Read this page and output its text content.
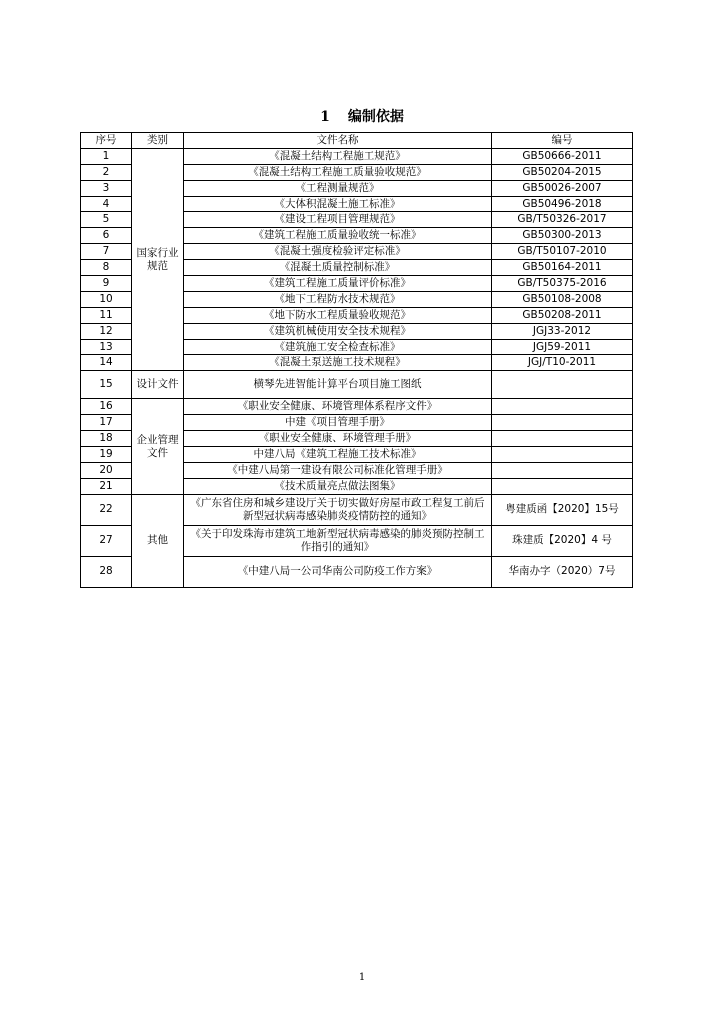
1 编制依据
序号	类别	文件名称	编号
1	国家行业规范	《混凝土结构工程施工规范》	GB50666-2011
2		《混凝土结构工程施工质量验收规范》	GB50204-2015
3		《工程测量规范》	GB50026-2007
4		《大体积混凝土施工标准》	GB50496-2018
5		《建设工程项目管理规范》	GB/T50326-2017
6		《建筑工程施工质量验收统一标准》	GB50300-2013
7		《混凝土强度检验评定标准》	GB/T50107-2010
8		《混凝土质量控制标准》	GB50164-2011
9		《建筑工程施工质量评价标准》	GB/T50375-2016
10		《地下工程防水技术规范》	GB50108-2008
11		《地下防水工程质量验收规范》	GB50208-2011
12		《建筑机械使用安全技术规程》	JGJ33-2012
13		《建筑施工安全检查标准》	JGJ59-2011
14		《混凝土泵送施工技术规程》	JGJ/T10-2011
15	设计文件	横琴先进智能计算平台项目施工图纸	
16	企业管理文件	《职业安全健康、环境管理体系程序文件》	
17		中建《项目管理手册》	
18		《职业安全健康、环境管理手册》	
19		中建八局《建筑工程施工技术标准》	
20		《中建八局第一建设有限公司标准化管理手册》	
21		《技术质量亮点做法图集》	
22	其他	《广东省住房和城乡建设厅关于切实做好房屋市政工程复工前后新型冠状病毒感染肺炎疫情防控的通知》	粤建质函【2020】15号
27		《关于印发珠海市建筑工地新型冠状病毒感染的肺炎预防控制工作指引的通知》	珠建质【2020】4 号
28		《中建八局一公司华南公司防疫工作方案》	华南办字（2020）7号
1
